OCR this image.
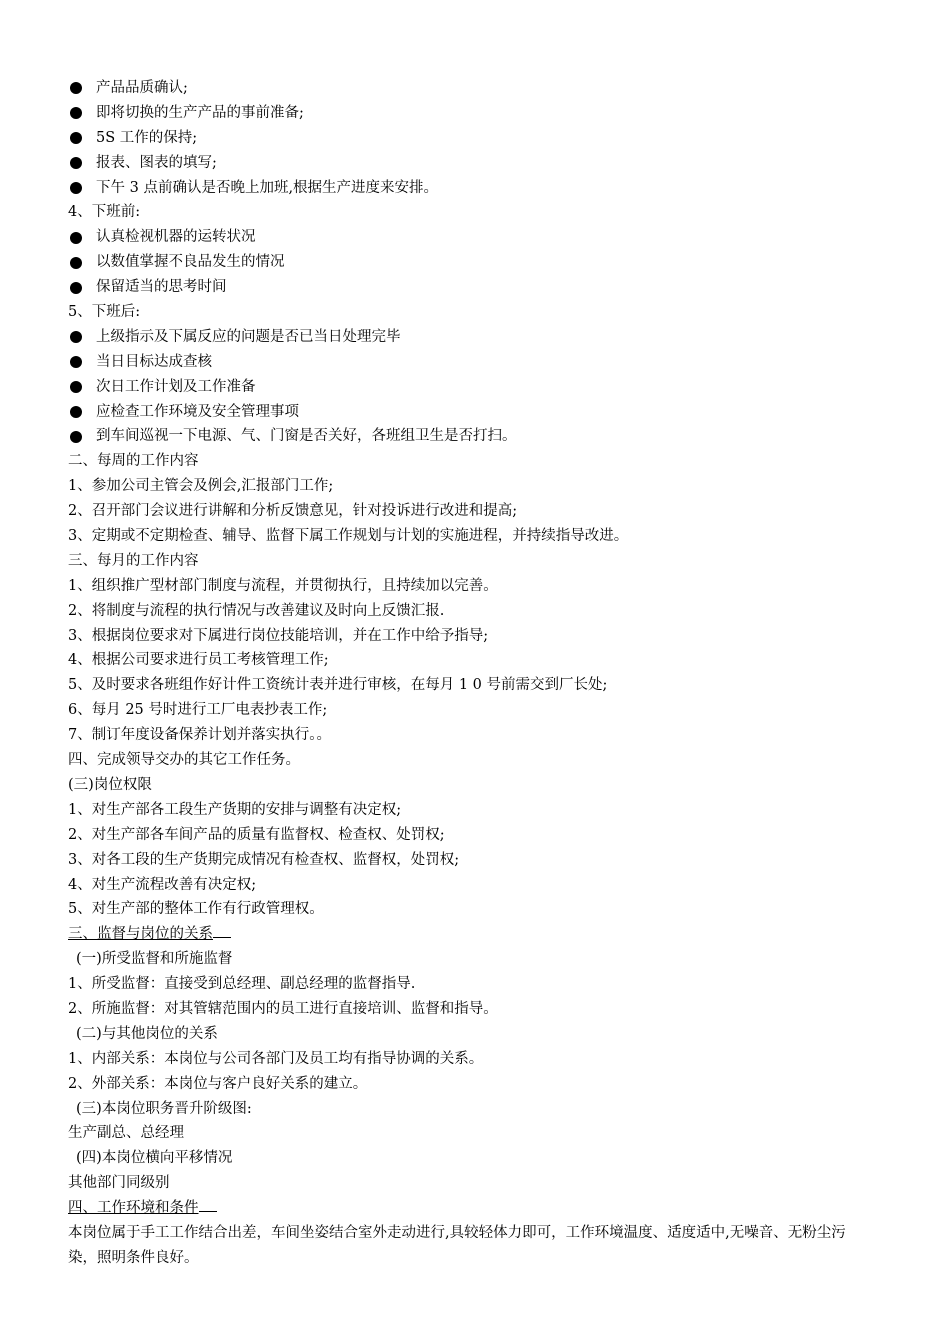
产品品质确认;
即将切换的生产产品的事前准备;
5S 工作的保持;
报表、图表的填写;
下午 3 点前确认是否晚上加班,根据生产进度来安排。
4、下班前:
认真检视机器的运转状况
以数值掌握不良品发生的情况
保留适当的思考时间
5、下班后:
上级指示及下属反应的问题是否已当日处理完毕
当日目标达成查核
次日工作计划及工作准备
应检查工作环境及安全管理事项
到车间巡视一下电源、气、门窗是否关好，各班组卫生是否打扫。
二、每周的工作内容
1、参加公司主管会及例会,汇报部门工作;
2、召开部门会议进行讲解和分析反馈意见，针对投诉进行改进和提高;
3、定期或不定期检查、辅导、监督下属工作规划与计划的实施进程，并持续指导改进。
三、每月的工作内容
1、组织推广型材部门制度与流程，并贯彻执行，且持续加以完善。
2、将制度与流程的执行情况与改善建议及时向上反馈汇报.
3、根据岗位要求对下属进行岗位技能培训，并在工作中给予指导;
4、根据公司要求进行员工考核管理工作;
5、及时要求各班组作好计件工资统计表并进行审核，在每月 1 0 号前需交到厂长处;
6、每月 25 号时进行工厂电表抄表工作;
7、制订年度设备保养计划并落实执行。。
四、完成领导交办的其它工作任务。
(三)岗位权限
1、对生产部各工段生产货期的安排与调整有决定权;
2、对生产部各车间产品的质量有监督权、检查权、处罚权;
3、对各工段的生产货期完成情况有检查权、监督权，处罚权;
4、对生产流程改善有决定权;
5、对生产部的整体工作有行政管理权。
三、监督与岗位的关系
(一)所受监督和所施监督
1、所受监督：直接受到总经理、副总经理的监督指导.
2、所施监督：对其管辖范围内的员工进行直接培训、监督和指导。
(二)与其他岗位的关系
1、内部关系：本岗位与公司各部门及员工均有指导协调的关系。
2、外部关系：本岗位与客户良好关系的建立。
(三)本岗位职务晋升阶级图:
生产副总、总经理
(四)本岗位横向平移情况
其他部门同级别
四、工作环境和条件
本岗位属于手工工作结合出差，车间坐姿结合室外走动进行,具较轻体力即可，工作环境温度、适度适中,无噪音、无粉尘污染，照明条件良好。
